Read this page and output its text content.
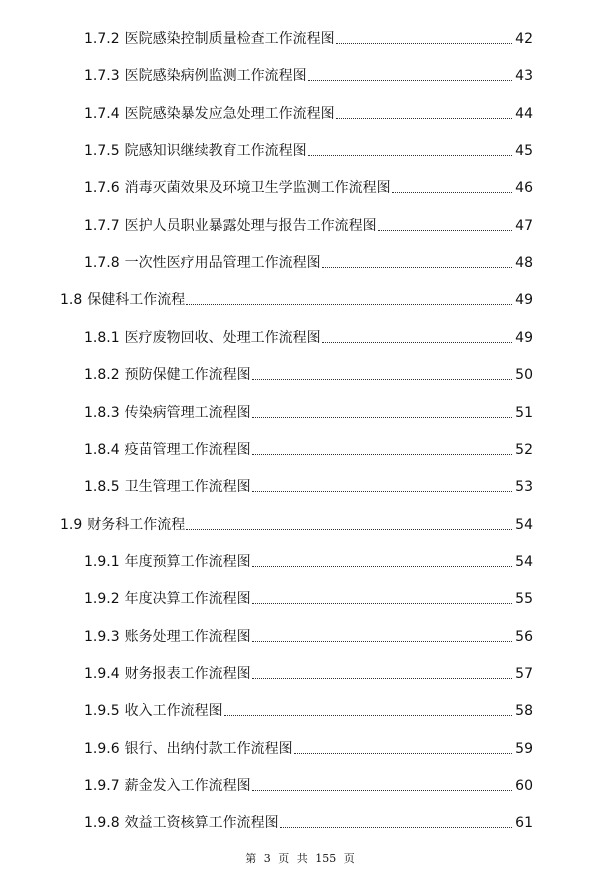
1.7.2 医院感染控制质量检查工作流程图	42
1.7.3 医院感染病例监测工作流程图	43
1.7.4 医院感染暴发应急处理工作流程图	44
1.7.5 院感知识继续教育工作流程图	45
1.7.6 消毒灭菌效果及环境卫生学监测工作流程图	46
1.7.7 医护人员职业暴露处理与报告工作流程图	47
1.7.8 一次性医疗用品管理工作流程图	48
1.8 保健科工作流程	49
1.8.1 医疗废物回收、处理工作流程图	49
1.8.2 预防保健工作流程图	50
1.8.3 传染病管理工流程图	51
1.8.4 疫苗管理工作流程图	52
1.8.5 卫生管理工作流程图	53
1.9 财务科工作流程	54
1.9.1 年度预算工作流程图	54
1.9.2 年度决算工作流程图	55
1.9.3 账务处理工作流程图	56
1.9.4 财务报表工作流程图	57
1.9.5 收入工作流程图	58
1.9.6 银行、出纳付款工作流程图	59
1.9.7 薪金发入工作流程图	60
1.9.8 效益工资核算工作流程图	61
第 3 页 共 155 页
